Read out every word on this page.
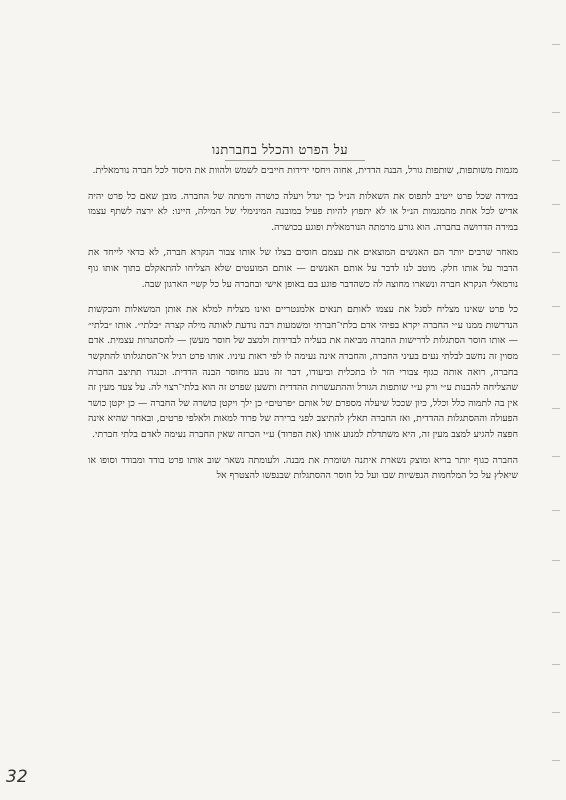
על הפרט והכלל בחברתנו

מגמות משותפות, שותפות גורל, הבנה הדדית, אחוה ויחסי ידידות חייבים לשמש ולהוות את היסוד לכל חברה נורמאלית.

במידה שכל פרט ייטיב לתפוס את השאלות הנ״ל כך יגדל ויעלה כושרה ורמתה של החברה. מובן שאם כל פרט יהיה אדיש לכל אחת מהמגמות הנ״ל או לא יתפוץ להיות פעיל במובנה המינימלי של המילה, היינו: לא ירצה לשתף עצמו במידה הדרושה בחברה. הוא גורע מרמתה הנורמאלית ופוגע בכושרה.

מאחר שרבים יותר הם האנשים המוצאים את עצמם חוסים בצלו של אותו צבור הנקרא חברה, לא כדאי לייחד את הדבור על אותו חלק. מוטב לנו לדבר על אותם האנשים — אותם המועטים שלא הצליחו להתאקלם בתוך אותו גוף נורמאלי הנקרא חברה ונשארו מחוצה לה כשהדבר פוגע בם באופן אישי ובחברה על כל קשיי הארגון שבה.

כל פרט שאינו מצליח לסגל את עצמו לאותם תנאים אלמנטריים ואינו מצליח למלא את אותן המשאלות והבקשות הנדרשות ממנו ע״י החברה יקרא בפיהי אדם בלתי־חברתי ומשמעות רבה נודעת לאותה מילה קצרה ״בלתי״. אותו ״בלתי״ — אותו חוסר הסתגלות לדרישות החברה מביאה את בעליה לבדידות ולמצב של חוסר מעשן — להסתגרות עצמית. אדם מסוין זה נחשב לבלתי נעים בעיני החברה, והחברה אינה נעימה לו לפי ראות עיניו. אותו פרט רגיל אי־הסתגלותו להתקשר בחברה, רואה אותה כגוף צבורי הזר לו בתכלית וביעודו, דבר זה נובע מחוסר הבנה הדדית. וכנגדו תתיצב החברה שהצליחה להבנות ע״י ורק ע״י שותפות הגורל וההתעשרות ההדדית ותשען שפרט זה הוא בלתי־רצוי לה. על צעד מעין זה אין בה לתמוה כלל וכלל, כיון שככל שיעלה מספרם של אותם ״פרטים״ כן ילך ויקטן כושרה של החברה — כן יקטן כושר הפעולה וההסתגלות ההדדית, ואז החברה תאלץ להתיצב לפני ברירה של פרוד למאות ולאלפי פרטים, ובאחר שהיא אינה חפצה להגיע למצב מעין זה, היא משתדלת למנוע אותו (את הפרוד) ע״י הכרזה שאין החברה נעימה לאדם בלתי חברתי.

החברה כגוף יותר בריא ומוצק נשארת איתנה ושומרת את מבנה. ולעומתה נשאר שוב אותו פרט בודד ומבודד וסופו או שיאלץ על כל המלחמות הנפשיות שבו ועל כל חוסר ההסתגלות שבנפשו להצטרף אל

32
